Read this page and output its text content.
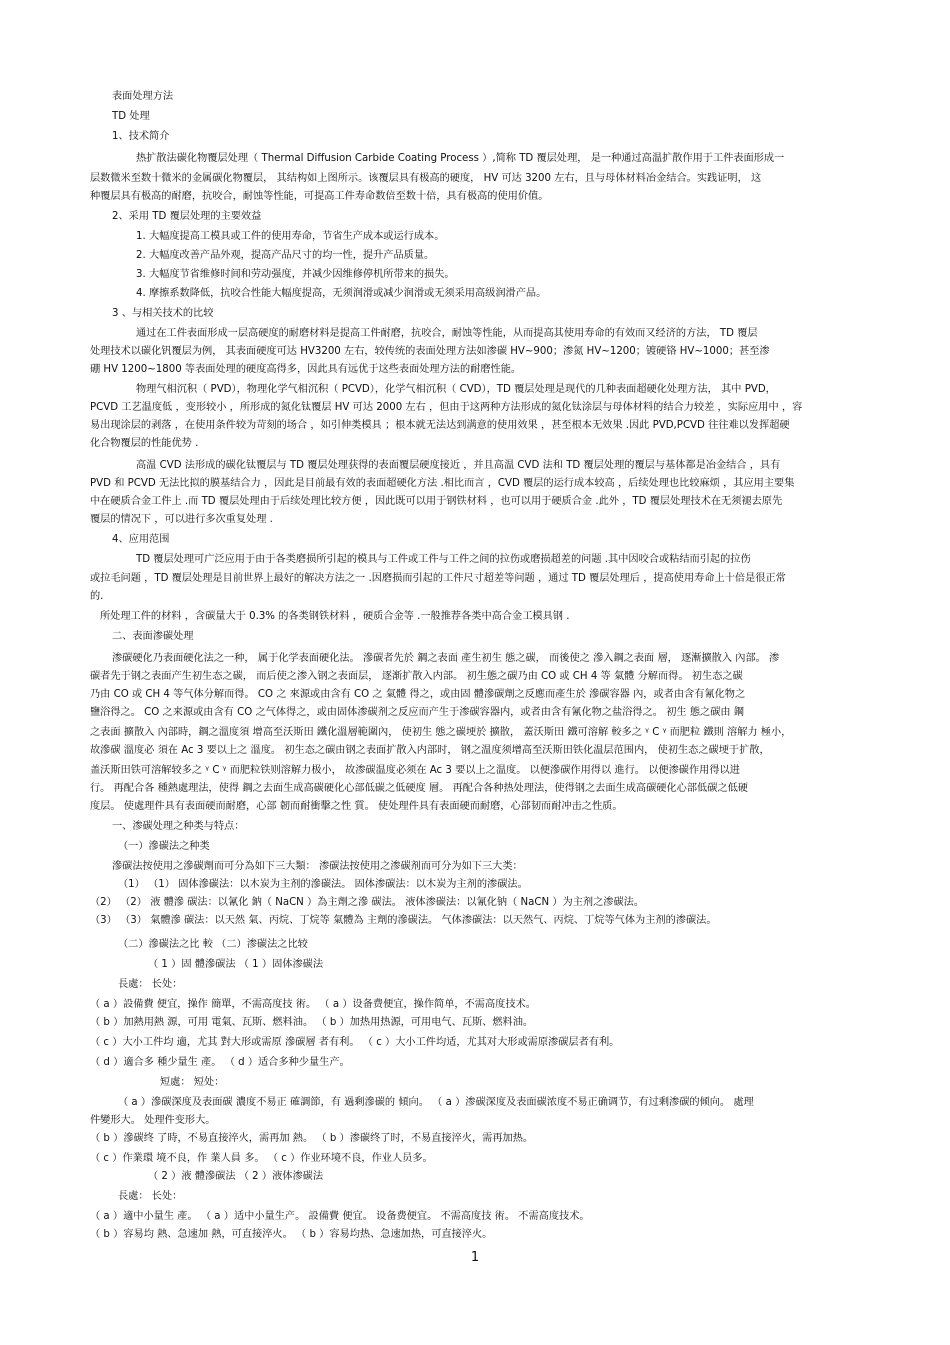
表面处理方法
TD 处理
1、技术简介
热扩散法碳化物覆层处理（ Thermal Diffusion Carbide Coating Process ）,简称 TD 覆层处理， 是一种通过高温扩散作用于工件表面形成一
层数微米至数十微米的金属碳化物覆层， 其结构如上图所示。该覆层具有极高的硬度， HV 可达 3200 左右，且与母体材料冶金结合。实践证明， 这
种覆层具有极高的耐磨，抗咬合，耐蚀等性能，可提高工件寿命数倍至数十倍，具有极高的使用价值。
2、采用 TD 覆层处理的主要效益
1. 大幅度提高工模具或工件的使用寿命，节省生产成本或运行成本。
2. 大幅度改善产品外观，提高产品尺寸的均一性，提升产品质量。
3. 大幅度节省维修时间和劳动强度，并减少因维修停机所带来的损失。
4. 摩擦系数降低，抗咬合性能大幅度提高，无须润滑或减少润滑或无须采用高级润滑产品。
3 、与相关技术的比较
通过在工件表面形成一层高硬度的耐磨材料是提高工件耐磨，抗咬合，耐蚀等性能，从而提高其使用寿命的有效而又经济的方法， TD 覆层
处理技术以碳化钒覆层为例， 其表面硬度可达 HV3200 左右，较传统的表面处理方法如渗碳 HV~900；渗氮 HV~1200；镀硬铬 HV~1000；甚至渗
硼 HV 1200~1800 等表面处理的硬度高得多，因此具有远优于这些表面处理方法的耐磨性能。
物理气相沉积（ PVD），物理化学气相沉积（ PCVD），化学气相沉积（ CVD），TD 覆层处理是现代的几种表面超硬化处理方法， 其中 PVD，
PCVD 工艺温度低 ，变形较小 ，所形成的氮化钛覆层 HV 可达 2000 左右 ，但由于这两种方法形成的氮化钛涂层与母体材料的结合力较差 ，实际应用中 ，容
易出现涂层的剥落 ，在使用条件较为苛刻的场合 ，如引伸类模具 ；根本就无法达到满意的使用效果 ，甚至根本无效果 .因此 PVD,PCVD 往往难以发挥超硬
化合物覆层的性能优势 .
高温 CVD 法形成的碳化钛覆层与 TD 覆层处理获得的表面覆层硬度接近 ，并且高温 CVD 法和 TD 覆层处理的覆层与基体都是冶金结合 ，具有
PVD 和 PCVD 无法比拟的膜基结合力 ，因此是目前最有效的表面超硬化方法 .相比而言 ，CVD 覆层的运行成本较高 ，后续处理也比较麻烦 ，其应用主要集
中在硬质合金工件上 .而 TD 覆层处理由于后续处理比较方便 ，因此既可以用于钢铁材料 ，也可以用于硬质合金 .此外 ，TD 覆层处理技术在无须褪去原先
覆层的情况下 ，可以进行多次重复处理 .
4、应用范围
TD 覆层处理可广泛应用于由于各类磨损所引起的模具与工件或工件与工件之间的拉伤或磨损超差的问题 .其中因咬合或粘结而引起的拉伤
或拉毛问题 ，TD 覆层处理是目前世界上最好的解决方法之一 .因磨损而引起的工件尺寸超差等问题 ，通过 TD 覆层处理后 ，提高使用寿命上十倍是很正常
的.
所处理工件的材料 ，含碳量大于 0.3% 的各类钢铁材料 ，硬质合金等 .一般推荐各类中高合金工模具钢 .
二、表面渗碳处理
渗碳硬化乃表面硬化法之一种， 属于化学表面硬化法。 滲碳者先於 鋼之表面 產生初生 態之碳， 而後使之 滲入鋼之表面 層， 逐漸擴散入 內部。 渗
碳者先于钢之表面产生初生态之碳， 而后使之渗入钢之表面层， 逐渐扩散入内部。 初生態之碳乃由 CO 或 CH 4 等 氣體 分解而得。 初生态之碳
乃由 CO 或 CH 4 等气体分解而得。 CO 之 來源或由含有 CO 之 氣體 得之，或由固 體滲碳劑之反應而產生於 滲碳容器 內，或者由含有氰化物之
鹽浴得之。 CO 之来源或由含有 CO 之气体得之，或由固体渗碳剂之反应而产生于渗碳容器内，或者由含有氰化物之盐浴得之。 初生 態之碳由 鋼
之表面 擴散入 內部時，鋼之溫度須 增高至沃斯田 鐵化溫層範圍內， 使初生 態之碳埂於 擴散， 蓋沃斯田 鐵可溶解 較多之 ᵞ C ᵞ 而肥粒 鐵則 溶解力 極小，
故滲碳 溫度必 須在 Ac 3 要以上之 溫度。 初生态之碳由钢之表面扩散入内部时， 钢之温度须增高至沃斯田铁化温层范围内， 使初生态之碳埂于扩散，
盖沃斯田铁可溶解较多之 ᵞ C ᵞ 而肥粒铁则溶解力极小， 故渗碳温度必须在 Ac 3 要以上之温度。 以便滲碳作用得以 進行。 以便渗碳作用得以进
行。 再配合各 種熱處理法，使得 鋼之去面生成高碳硬化心部低碳之低硬度 層。 再配合各种热处理法，使得钢之去面生成高碳硬化心部低碳之低硬
度层。 使處理件具有表面硬而耐磨，心部 韌而耐衝擊之性 質。 使处理件具有表面硬而耐磨，心部韧而耐冲击之性质。
一、渗碳处理之种类与特点：
（一）滲碳法之种类
滲碳法按使用之滲碳劑而可分為如下三大類： 渗碳法按使用之渗碳剂而可分为如下三大类：
（1） （1） 固体滲碳法：以木炭为主剂的滲碳法。 固体渗碳法：以木炭为主剂的渗碳法。
（2） （2） 液 體滲 碳法：以氰化 鈉（ NaCN ）為主劑之滲 碳法。 液体渗碳法：以氰化钠（ NaCN ）为主剂之渗碳法。
（3） （3） 氣體滲 碳法：以天然 氣、丙烷、丁烷等 氣體為 主劑的滲碳法。 气体渗碳法：以天然气、丙烷、丁烷等气体为主剂的渗碳法。
（二）滲碳法之比 較 （二）渗碳法之比较
（ 1 ）固 體滲碳法 （ 1 ）固体渗碳法
長處： 长处：
（ a ）設備費 便宜，操作 簡單，不需高度技 術。 （ a ）设备费便宜，操作简单，不需高度技术。
（ b ）加熱用熱 源，可用 電氣、瓦斯、燃料油。 （ b ）加热用热源，可用电气、瓦斯、燃料油。
（ c ）大小工件均 適，尤其 對大形或需原 滲碳層 者有利。 （ c ）大小工件均适，尤其对大形或需原渗碳层者有利。
（ d ）適合多 種少量生 產。 （ d ）适合多种少量生产。
短處： 短处：
（ a ）滲碳深度及表面碳 濃度不易正 確調節，有 過剩滲碳的 傾向。 （ a ）渗碳深度及表面碳浓度不易正确调节，有过剩渗碳的倾向。 處理
件變形大。 处理件变形大。
（ b ）滲碳终 了時，不易直接淬火，需再加 熱。 （ b ）渗碳终了时，不易直接淬火，需再加热。
（ c ）作業環 境不良，作 業人員 多。 （ c ）作业环境不良，作业人员多。
（ 2 ）液 體滲碳法 （ 2 ）液体渗碳法
長處： 长处：
（ a ）適中小量生 產。 （ a ）适中小量生产。 設備費 便宜。 设备费便宜。 不需高度技 術。 不需高度技术。
（ b ）容易均 熱、急速加 熱，可直接淬火。 （ b ）容易均热、急速加热，可直接淬火。
1
